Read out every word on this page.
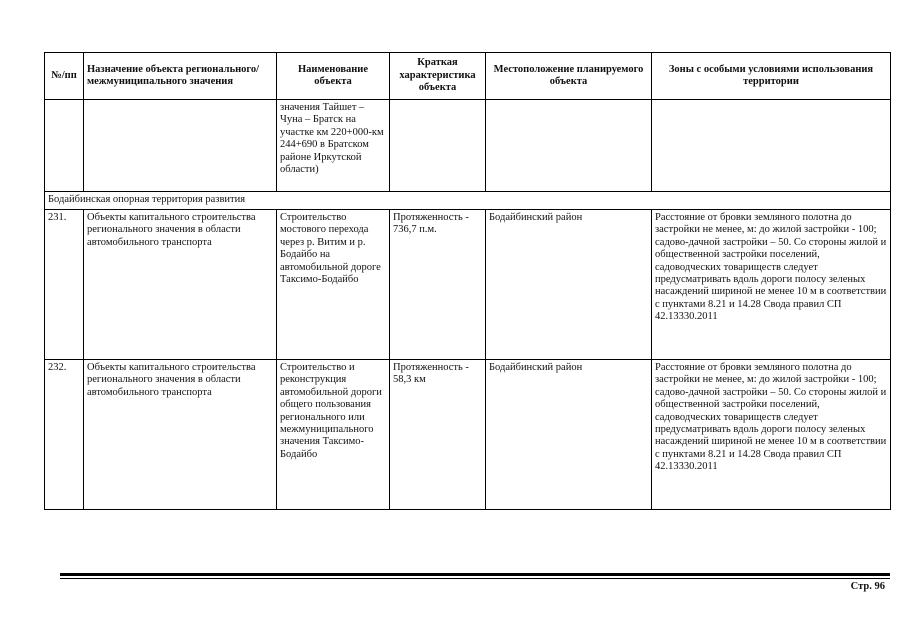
№/пп	Назначение объекта регионального/ межмуниципального значения	Наименование объекта	Краткая характеристика объекта	Местоположение планируемого объекта	Зоны с особыми условиями использования территории
		значения Тайшет – Чуна – Братск на участке км 220+000-км 244+690 в Братском районе Иркутской области)			
Бодайбинская опорная территория развития					
231.	Объекты капитального строительства регионального значения в области автомобильного транспорта	Строительство мостового перехода через р. Витим и р. Бодайбо на автомобильной дороге Таксимо-Бодайбо	Протяженность - 736,7 п.м.	Бодайбинский район	Расстояние от бровки земляного полотна до застройки не менее, м: до жилой застройки - 100; садово-дачной застройки – 50. Со стороны жилой и общественной застройки поселений, садоводческих товариществ следует предусматривать вдоль дороги полосу зеленых насаждений шириной не менее 10 м в соответствии с пунктами 8.21 и 14.28 Свода правил СП 42.13330.2011
232.	Объекты капитального строительства регионального значения в области автомобильного транспорта	Строительство и реконструкция автомобильной дороги общего пользования регионального или межмуниципального значения Таксимо-Бодайбо	Протяженность - 58,3 км	Бодайбинский район	Расстояние от бровки земляного полотна до застройки не менее, м: до жилой застройки - 100; садово-дачной застройки – 50. Со стороны жилой и общественной застройки поселений, садоводческих товариществ следует предусматривать вдоль дороги полосу зеленых насаждений шириной не менее 10 м в соответствии с пунктами 8.21 и 14.28 Свода правил СП 42.13330.2011
Стр. 96
